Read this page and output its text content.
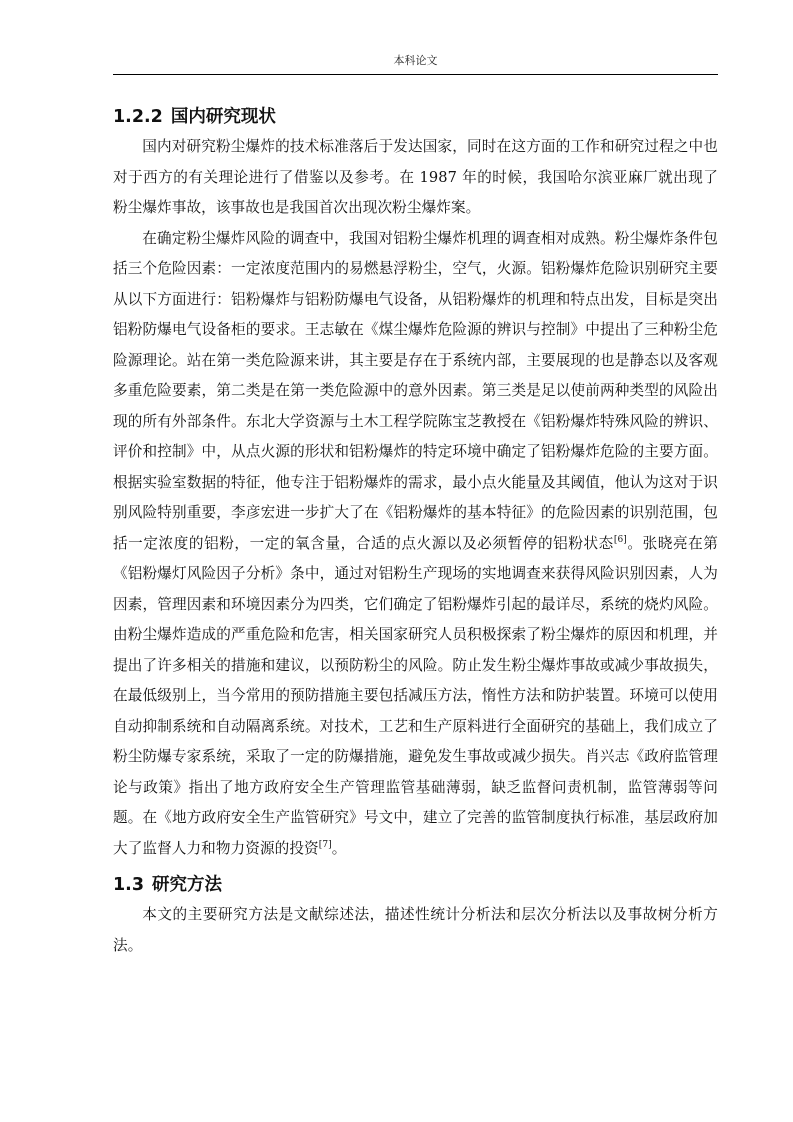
本科论文
1.2.2 国内研究现状

国内对研究粉尘爆炸的技术标准落后于发达国家，同时在这方面的工作和研究过程之中也对于西方的有关理论进行了借鉴以及参考。在 1987 年的时候，我国哈尔滨亚麻厂就出现了粉尘爆炸事故，该事故也是我国首次出现次粉尘爆炸案。

在确定粉尘爆炸风险的调查中，我国对铝粉尘爆炸机理的调查相对成熟。粉尘爆炸条件包括三个危险因素：一定浓度范围内的易燃悬浮粉尘，空气，火源。铝粉爆炸危险识别研究主要从以下方面进行：铝粉爆炸与铝粉防爆电气设备，从铝粉爆炸的机理和特点出发，目标是突出铝粉防爆电气设备柜的要求。王志敏在《煤尘爆炸危险源的辨识与控制》中提出了三种粉尘危险源理论。站在第一类危险源来讲，其主要是存在于系统内部，主要展现的也是静态以及客观多重危险要素，第二类是在第一类危险源中的意外因素。第三类是足以使前两种类型的风险出现的所有外部条件。东北大学资源与土木工程学院陈宝芝教授在《铝粉爆炸特殊风险的辨识、评价和控制》中，从点火源的形状和铝粉爆炸的特定环境中确定了铝粉爆炸危险的主要方面。根据实验室数据的特征，他专注于铝粉爆炸的需求，最小点火能量及其阈值，他认为这对于识别风险特别重要，李彦宏进一步扩大了在《铝粉爆炸的基本特征》的危险因素的识别范围，包括一定浓度的铝粉，一定的氧含量，合适的点火源以及必须暂停的铝粉状态[6]。张晓亮在第《铝粉爆灯风险因子分析》条中，通过对铝粉生产现场的实地调查来获得风险识别因素，人为因素，管理因素和环境因素分为四类，它们确定了铝粉爆炸引起的最详尽，系统的烧灼风险。由粉尘爆炸造成的严重危险和危害，相关国家研究人员积极探索了粉尘爆炸的原因和机理，并提出了许多相关的措施和建议，以预防粉尘的风险。防止发生粉尘爆炸事故或减少事故损失，在最低级别上，当今常用的预防措施主要包括减压方法，惰性方法和防护装置。环境可以使用自动抑制系统和自动隔离系统。对技术，工艺和生产原料进行全面研究的基础上，我们成立了粉尘防爆专家系统，采取了一定的防爆措施，避免发生事故或减少损失。肖兴志《政府监管理论与政策》指出了地方政府安全生产管理监管基础薄弱，缺乏监督问责机制，监管薄弱等问题。在《地方政府安全生产监管研究》号文中，建立了完善的监管制度执行标准，基层政府加大了监督人力和物力资源的投资[7]。

1.3 研究方法

本文的主要研究方法是文献综述法，描述性统计分析法和层次分析法以及事故树分析方法。
